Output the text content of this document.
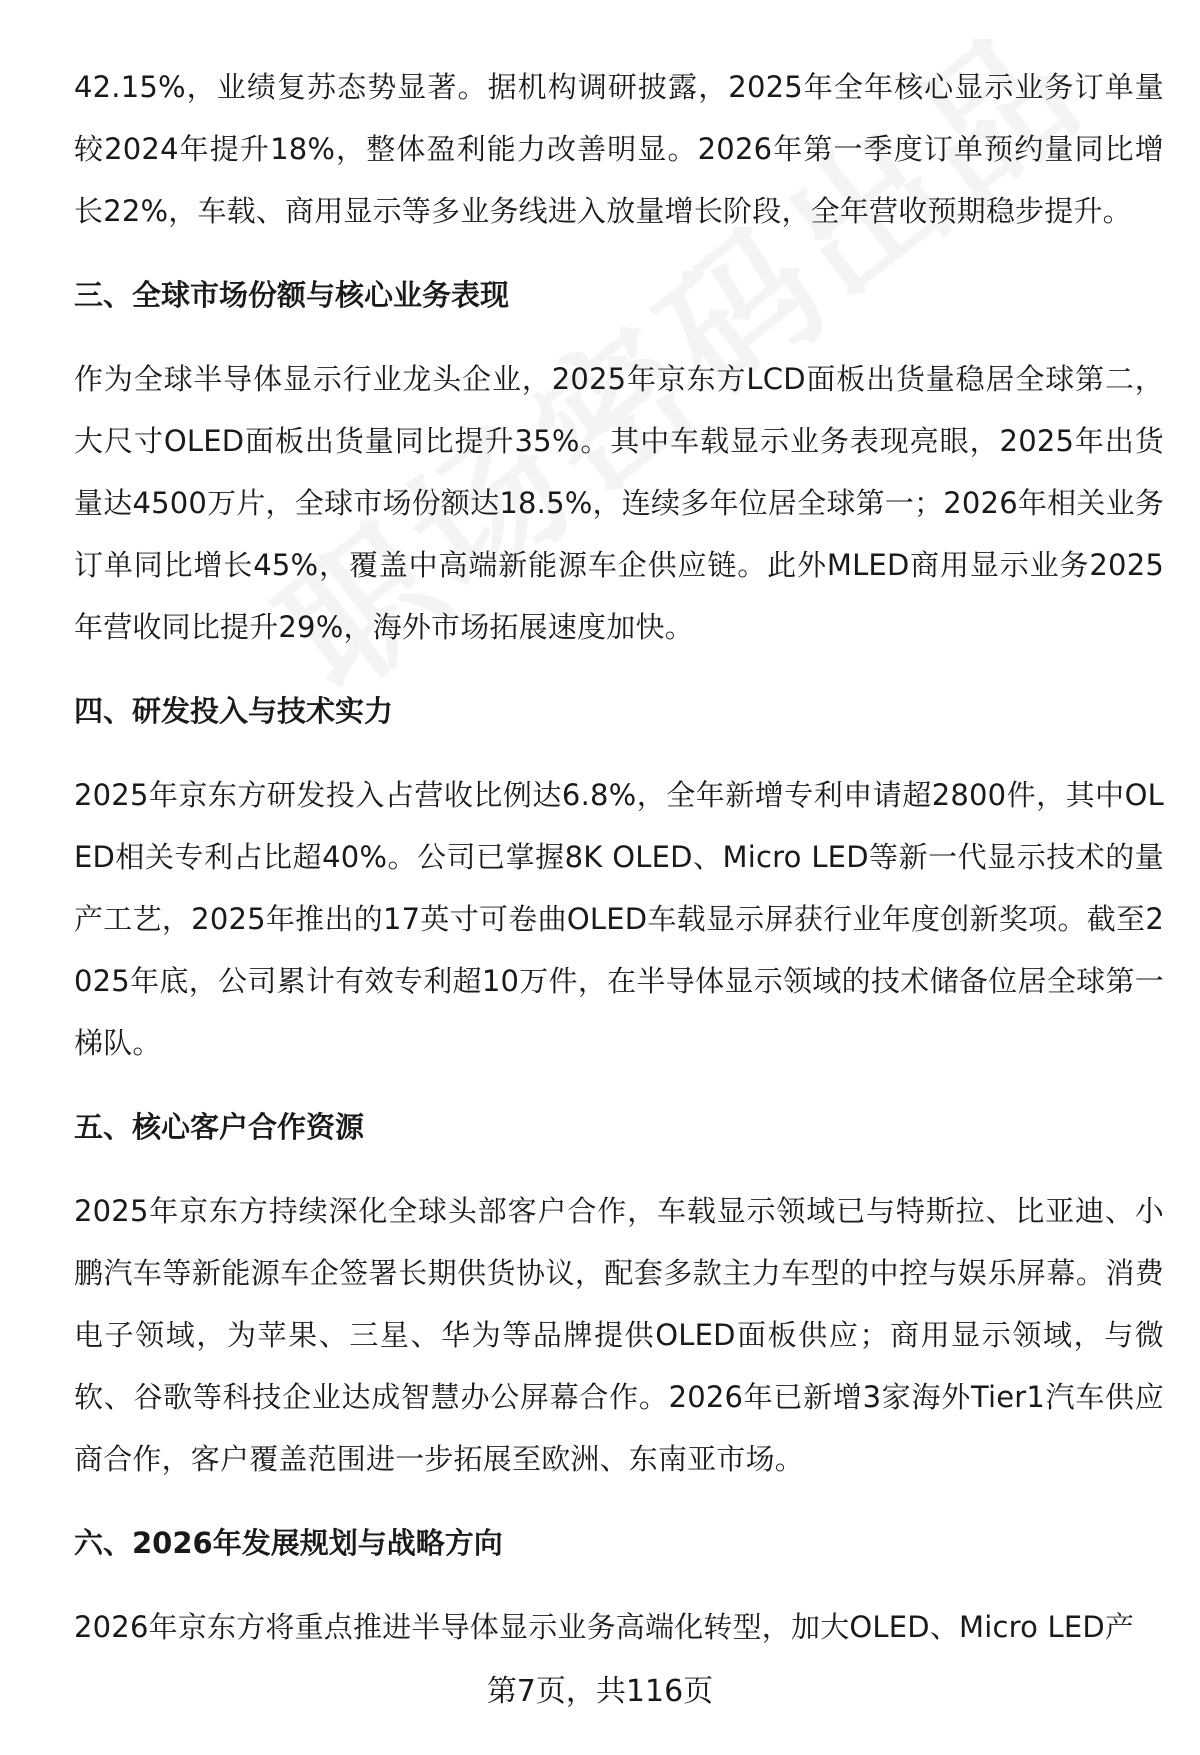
42.15%，业绩复苏态势显著。据机构调研披露，2025年全年核心显示业务订单量较2024年提升18%，整体盈利能力改善明显。2026年第一季度订单预约量同比增长22%，车载、商用显示等多业务线进入放量增长阶段，全年营收预期稳步提升。

三、全球市场份额与核心业务表现

作为全球半导体显示行业龙头企业，2025年京东方LCD面板出货量稳居全球第二，大尺寸OLED面板出货量同比提升35%。其中车载显示业务表现亮眼，2025年出货量达4500万片，全球市场份额达18.5%，连续多年位居全球第一；2026年相关业务订单同比增长45%，覆盖中高端新能源车企供应链。此外MLED商用显示业务2025年营收同比提升29%，海外市场拓展速度加快。

四、研发投入与技术实力

2025年京东方研发投入占营收比例达6.8%，全年新增专利申请超2800件，其中OLED相关专利占比超40%。公司已掌握8K OLED、Micro LED等新一代显示技术的量产工艺，2025年推出的17英寸可卷曲OLED车载显示屏获行业年度创新奖项。截至2025年底，公司累计有效专利超10万件，在半导体显示领域的技术储备位居全球第一梯队。

五、核心客户合作资源

2025年京东方持续深化全球头部客户合作，车载显示领域已与特斯拉、比亚迪、小鹏汽车等新能源车企签署长期供货协议，配套多款主力车型的中控与娱乐屏幕。消费电子领域，为苹果、三星、华为等品牌提供OLED面板供应；商用显示领域，与微软、谷歌等科技企业达成智慧办公屏幕合作。2026年已新增3家海外Tier1汽车供应商合作，客户覆盖范围进一步拓展至欧洲、东南亚市场。

六、2026年发展规划与战略方向

2026年京东方将重点推进半导体显示业务高端化转型，加大OLED、Micro LED产

第7页，共116页
